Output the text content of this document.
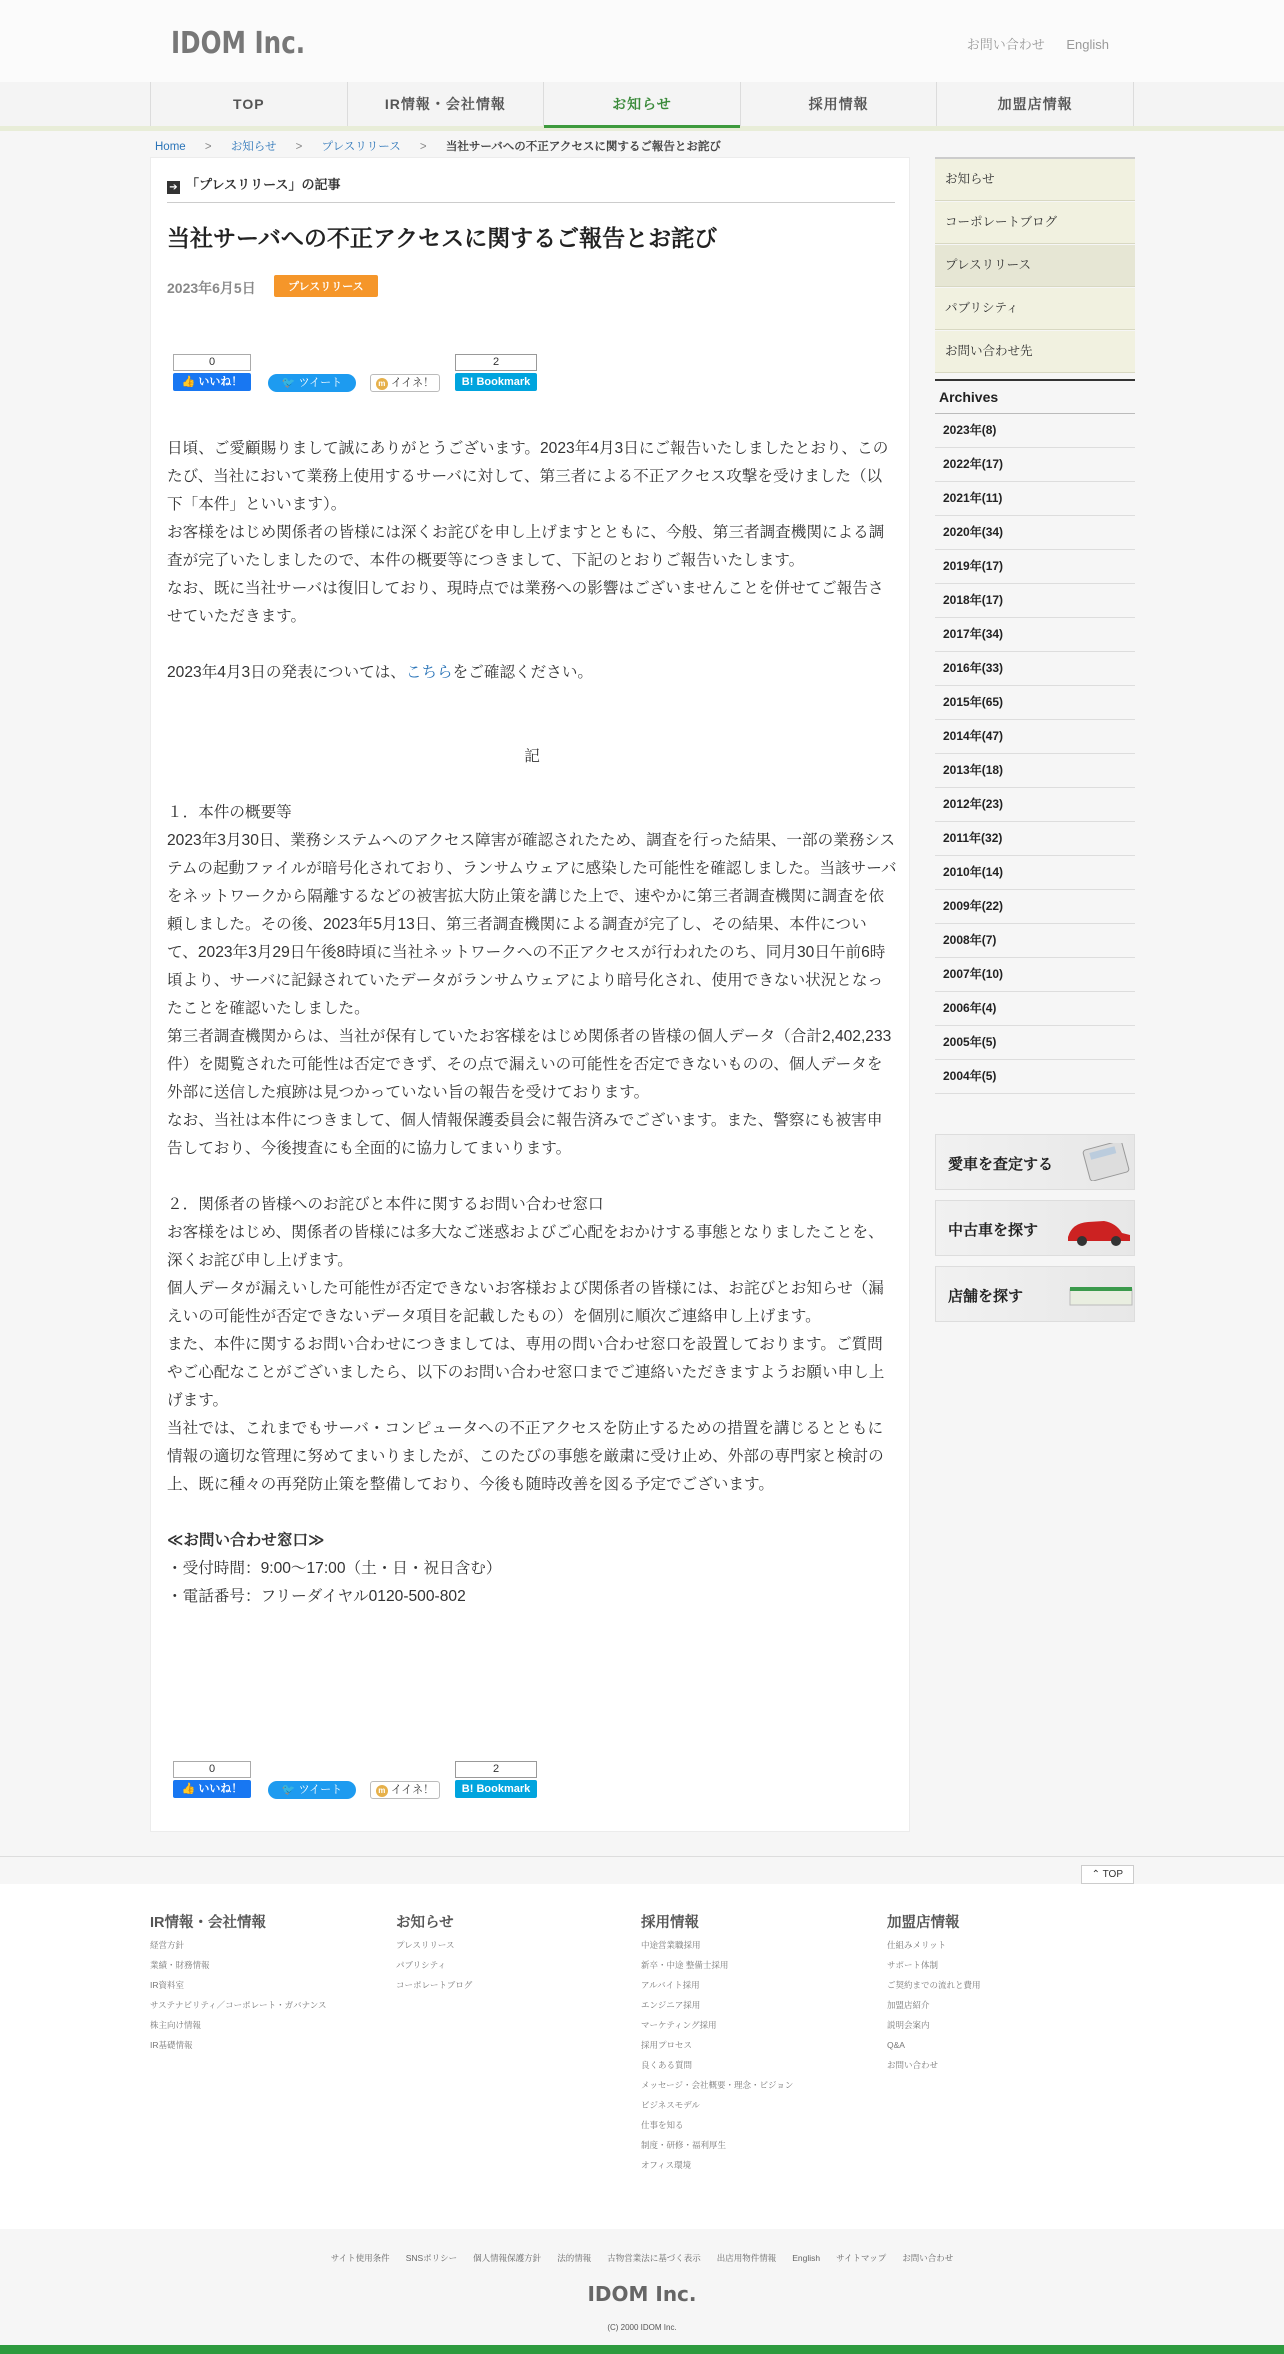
IDOM Inc.	お問い合わせ English
TOP	IR情報・会社情報	お知らせ	採用情報	加盟店情報
Home > お知らせ > プレスリリース > 当社サーバへの不正アクセスに関するご報告とお詫び
➔ 「プレスリリース」の記事
当社サーバへの不正アクセスに関するご報告とお詫び
2023年6月5日	プレスリリース
0
👍 いいね！	🐦 ツイート	m イイネ！
2
B! Bookmark

日頃、ご愛顧賜りまして誠にありがとうございます。2023年4月3日にご報告いたしましたとおり、このたび、当社において業務上使用するサーバに対して、第三者による不正アクセス攻撃を受けました（以下「本件」といいます）。

お客様をはじめ関係者の皆様には深くお詫びを申し上げますとともに、今般、第三者調査機関による調査が完了いたしましたので、本件の概要等につきまして、下記のとおりご報告いたします。

なお、既に当社サーバは復旧しており、現時点では業務への影響はございませんことを併せてご報告させていただきます。

2023年4月3日の発表については、こちらをご確認ください。

記

１．本件の概要等

2023年3月30日、業務システムへのアクセス障害が確認されたため、調査を行った結果、一部の業務システムの起動ファイルが暗号化されており、ランサムウェアに感染した可能性を確認しました。当該サーバをネットワークから隔離するなどの被害拡大防止策を講じた上で、速やかに第三者調査機関に調査を依頼しました。その後、2023年5月13日、第三者調査機関による調査が完了し、その結果、本件について、2023年3月29日午後8時頃に当社ネットワークへの不正アクセスが行われたのち、同月30日午前6時頃より、サーバに記録されていたデータがランサムウェアにより暗号化され、使用できない状況となったことを確認いたしました。

第三者調査機関からは、当社が保有していたお客様をはじめ関係者の皆様の個人データ（合計2,402,233件）を閲覧された可能性は否定できず、その点で漏えいの可能性を否定できないものの、個人データを外部に送信した痕跡は見つかっていない旨の報告を受けております。

なお、当社は本件につきまして、個人情報保護委員会に報告済みでございます。また、警察にも被害申告しており、今後捜査にも全面的に協力してまいります。

２．関係者の皆様へのお詫びと本件に関するお問い合わせ窓口

お客様をはじめ、関係者の皆様には多大なご迷惑およびご心配をおかけする事態となりましたことを、深くお詫び申し上げます。

個人データが漏えいした可能性が否定できないお客様および関係者の皆様には、お詫びとお知らせ（漏えいの可能性が否定できないデータ項目を記載したもの）を個別に順次ご連絡申し上げます。

また、本件に関するお問い合わせにつきましては、専用の問い合わせ窓口を設置しております。ご質問やご心配なことがございましたら、以下のお問い合わせ窓口までご連絡いただきますようお願い申し上げます。

当社では、これまでもサーバ・コンピュータへの不正アクセスを防止するための措置を講じるとともに情報の適切な管理に努めてまいりましたが、このたびの事態を厳粛に受け止め、外部の専門家と検討の上、既に種々の再発防止策を整備しており、今後も随時改善を図る予定でございます。

≪お問い合わせ窓口≫

・受付時間：9:00～17:00（土・日・祝日含む）

・電話番号：フリーダイヤル0120-500-802

0
👍 いいね！	🐦 ツイート	m イイネ！
2
B! Bookmark
お知らせ
コーポレートブログ
プレスリリース
パブリシティ
お問い合わせ先
Archives
2023年(8)
2022年(17)
2021年(11)
2020年(34)
2019年(17)
2018年(17)
2017年(34)
2016年(33)
2015年(65)
2014年(47)
2013年(18)
2012年(23)
2011年(32)
2010年(14)
2009年(22)
2008年(7)
2007年(10)
2006年(4)
2005年(5)
2004年(5)
愛車を査定する
中古車を探す
店舗を探す
⌃ TOP
IR情報・会社情報
経営方針
業績・財務情報
IR資料室
サステナビリティ／コーポレート・ガバナンス
株主向け情報
IR基礎情報
お知らせ
プレスリリース
パブリシティ
コーポレートブログ
採用情報
中途営業職採用
新卒・中途 整備士採用
アルバイト採用
エンジニア採用
マーケティング採用
採用プロセス
良くある質問
メッセージ・会社概要・理念・ビジョン
ビジネスモデル
仕事を知る
制度・研修・福利厚生
オフィス環境
加盟店情報
仕組みメリット
サポート体制
ご契約までの流れと費用
加盟店紹介
説明会案内
Q&A
お問い合わせ
サイト使用条件 SNSポリシー 個人情報保護方針 法的情報 古物営業法に基づく表示 出店用物件情報 English サイトマップ お問い合わせ
IDOM Inc.
(C) 2000 IDOM Inc.
